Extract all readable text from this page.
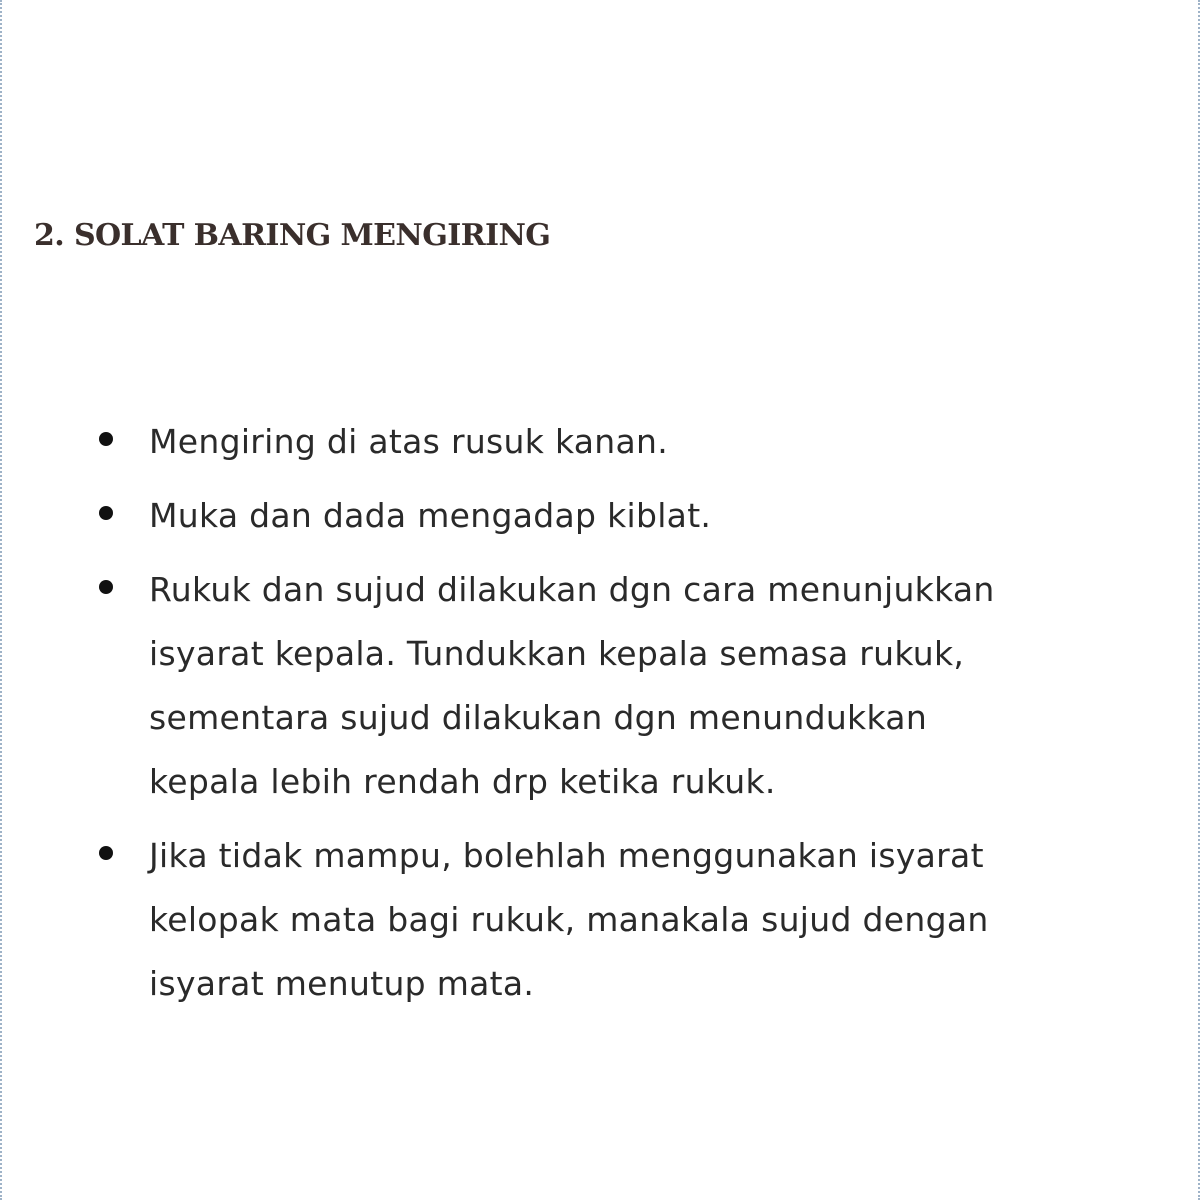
2. SOLAT BARING MENGIRING
Mengiring di atas rusuk kanan.
Muka dan dada mengadap kiblat.
Rukuk dan sujud dilakukan dgn cara menunjukkan
isyarat kepala. Tundukkan kepala semasa rukuk,
sementara sujud dilakukan dgn menundukkan
kepala lebih rendah drp ketika rukuk.
Jika tidak mampu, bolehlah menggunakan isyarat
kelopak mata bagi rukuk, manakala sujud dengan
isyarat menutup mata.
